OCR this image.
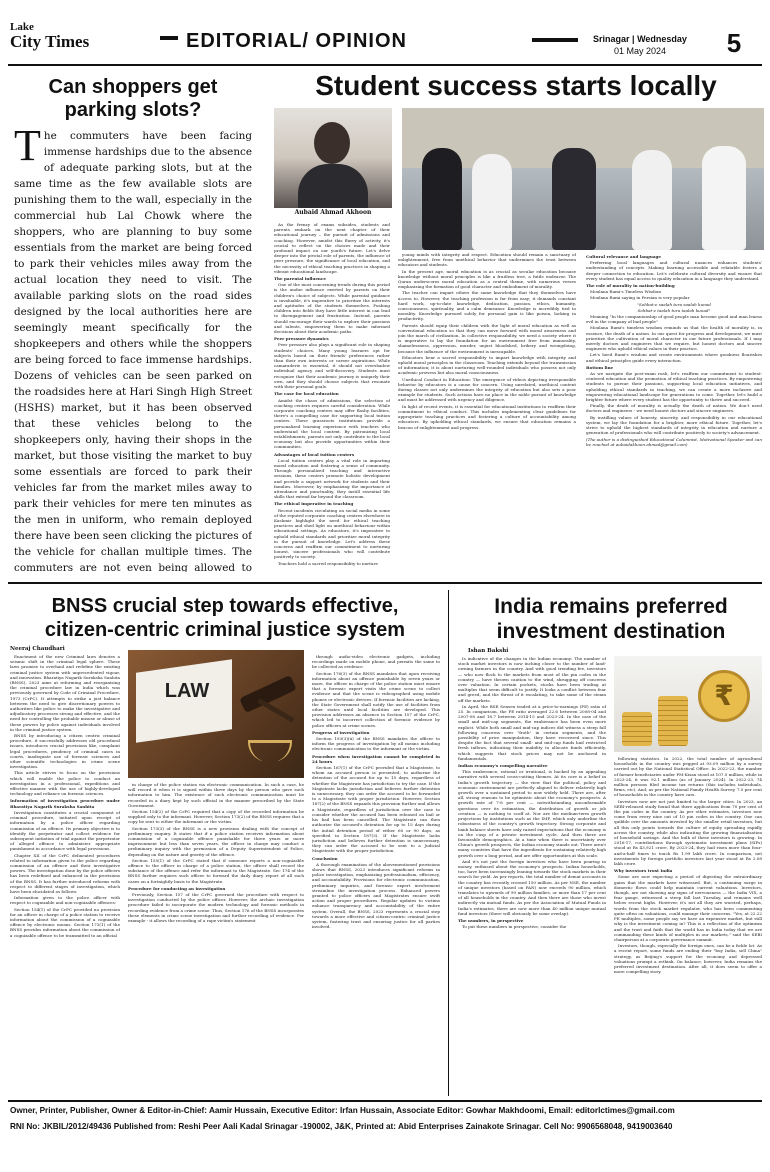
Lake
City Times	EDITORIAL/ OPINION	Srinagar | Wednesday
01 May 2024	5
Can shoppers get parking slots?
The commuters have been facing immense hardships due to the absence of adequate parking slots, but at the same time as the few available slots are punishing them to the wall, especially in the commercial hub Lal Chowk where the shoppers, who are planning to buy some essentials from the market are being forced to park their vehicles miles away from the actual location they need to visit. The available parking slots on the road sides designed by the local authorities here are seemingly meant specifically for the shopkeepers and others while the shoppers are being forced to face immense hardships. Dozens of vehicles can be seen parked on the roadsides here at Hari Singh High Street (HSHS) market, but it has been observed that these vehicles belong to the shopkeepers only, having their shops in the market, but those visiting the market to buy some essentials are forced to park their vehicles far from the market miles away to park their vehicles for mere ten minutes as the men in uniform, who remain deployed there have been seen clicking the pictures of the vehicle for challan multiple times. The commuters are not even being allowed to
Student success starts locally
Aubaid Ahmad Akhoon

As the frenzy of exams subsides, students and parents embark on the next chapter of their educational journey – the pursuit of admissions and coaching. However, amidst this flurry of activity, it's crucial to reflect on the choices made and their profound impact on our youth's future. Let's delve deeper into the pivotal role of parents, the influence of peer pressure, the significance of local education, and the necessity of ethical teaching practices in shaping a vibrant educational landscape.

The parental influence

One of the most concerning trends during this period is the undue influence exerted by parents on their children's choice of subjects. While parental guidance is invaluable, it's imperative to prioritize the interests and aptitudes of the students themselves. Pushing children into fields they have little interest in can lead to disengagement and frustration. Instead, parents should encourage their wards to explore their passions and talents, empowering them to make informed decisions about their academic paths.

Peer pressure dynamics

Peer pressure also plays a significant role in shaping students' choices. Many young learners opt for subjects based on their friends' preferences rather than their own interests or career aspirations. While camaraderie is essential, it should not overshadow individual agency and self-discovery. Students must recognize that their academic journey is uniquely their own, and they should choose subjects that resonate with their personal goals.

The case for local education

Amidst the chaos of admissions, the selection of coaching centers requires careful consideration. While corporate coaching centers may offer flashy facilities, there's a compelling case for supporting local tuition centers. These grassroots institutions provide a personalized learning experience with teachers who understand the local context. By patronizing local establishments, parents not only contribute to the local economy but also provide opportunities within their communities.

Advantages of local tuition centers

Local tuition centers play a vital role in imparting moral education and fostering a sense of community. Through personalized teaching and interactive sessions, these centers promote holistic development and provide a support network for students and their families. Moreover, by emphasizing the importance of attendance and punctuality, they instill essential life skills that extend far beyond the classroom.

The ethical imperative in teaching

Recent incidents circulating on social media in some of the reputed corporate coaching centres elsewhere in Kashmir highlight the need for ethical teaching practices and shed light on unethical behaviour within educational settings. As educators, it's imperative to uphold ethical standards and prioritize moral integrity in the pursuit of knowledge. Let's address these concerns and reaffirm our commitment to nurturing honest, sincere professionals who will contribute positively to society.

Teachers hold a sacred responsibility to nurture

young minds with integrity and respect. Education should remain a sanctuary of enlightenment, free from unethical behavior that undermines the trust between educators and students.

In the present age, moral education is as crucial as secular education because knowledge without moral principles is like a fruitless tree, a futile endeavor. The Quran underscores moral education as a central theme, with numerous verses emphasizing the formation of good character and embodiment of morality.

The teacher can impart others the same knowledge that they themselves have access to. However, the teaching profession is far from easy; it demands constant hard work, up-to-date knowledge, dedication, passion, ethics, humanity, consciousness, spirituality, and a calm demeanor. Knowledge is incredibly tied to morality. Knowledge pursued solely for personal gain is like poison, lacking in productivity.

Parents should equip their children with the light of moral education as well as conventional education so that they can move forward with moral awareness and join the march of civilization. In collective responsibility, we need a society where it is imperative to lay the foundation for an environment free from immorality, shamelessness, oppression, murder, unjust bloodshed, bribery and wrongdoing, because the influence of the environment is inescapable.

Educators bear a sacred responsibility to impart knowledge with integrity and uphold moral principles in the classroom. Teaching extends beyond the transmission of information; it is about nurturing well-rounded individuals who possess not only academic prowess but also moral consciousness.

Unethical Conduct in Education: The emergence of videos depicting irresponsible behavior by educators is a cause for concern. Using unrelated, unethical content during classes not only undermines the integrity of education but also sets a poor example for students. Such actions have no place in the noble pursuit of knowledge and must be addressed with urgency and diligence.

In light of recent events, it is essential for educational institutions to reaffirm their commitment to ethical conduct. This includes implementing clear guidelines for appropriate teaching practices and fostering a culture of accountability among educators. By upholding ethical standards, we ensure that education remains a beacon of enlightenment and progress.

Cultural relevance and language

Preferring local languages and cultural nuances enhances students' understanding of concepts. Making learning accessible and relatable fosters a deeper connection to education. Let's celebrate cultural diversity and ensure that every student has equal access to quality education in a language they understand.

The role of morality in nation-building

Moulana Rumi's Timeless Wisdom

Moulana Rumi saying in Persian is very popular

"Sohbat-e saalah tura saalah kunad

Sohbat-e taalah tura taalah kunad"

Meaning "In the companionship of good people man become good and man learns evil in the company of bad people"

Moulana Rumi's timeless wisdom reminds us that the health of morality is, in essence, the death of a nation. In our quest for progress and development, we must prioritize the cultivation of moral character in our future professionals. If I may merely doctors and engineers that we require, but honest doctors and sincere engineers who uphold ethical values in their practice.

Let's heed Rumi's wisdom and create environments where goodness flourishes and ethical principles guide every interaction.

Bottom line

As we navigate the post-exam rush, let's reaffirm our commitment to student-centered education and the promotion of ethical teaching practices. By empowering students to pursue their passions, supporting local education initiatives, and upholding ethical standards in teaching, we can create a more inclusive and empowering educational landscape for generations to come. Together, let's build a brighter future where every student has the opportunity to thrive and succeed.

Finally, the death of morality is actually the death of nation. We don't need doctors and engineers - we need honest doctors and sincere engineers.

By instilling values of honesty, sincerity, and responsibility in our educational system, we lay the foundation for a brighter, more ethical future. Together, let's strive to uphold the highest standards of integrity in education and nurture a generation of professionals who will contribute positively to society's advancement.

(The author is a distinguished Educational Columnist, Motivational Speaker and can be reached at aubaidakhoon.ahmad@gmail.com)

BNSS crucial step towards effective,
citizen-centric criminal justice system
Neeraj Chaudhari

Enactment of the new Criminal laws denotes a seismic shift in the criminal legal sphere. These laws promise to overhaul and redefine the existing criminal justice system with unprecedented vigour, and innovation. Bharatiya Nagarik Suraksha Sanhita (BNSS), 2023 aims at reforming and reorganising the criminal procedure law in India which was previously governed by Code of Criminal Procedure, 1973 (CrPC). It attempts to strike a just balance between the need to give discretionary powers to authorities like police to make the investigative and adjudicatory processes strong and effective, and the need for controlling the probable misuse or abuse of these powers by police against individuals involved in the criminal justice system.

BNSS by introducing a citizen centric criminal procedure, it successfully addresses old procedural issues, introduces crucial provisions like, complaint legal procedures, pendency of criminal cases in courts, inadequate use of forensic sciences and other scientific technologies in crime scene investigation.

This article strives to focus on the provisions which will enable the police to conduct an investigation in a professional, expeditious and effective manner with the use of highly-developed technology and reliance on forensic sciences.

Information of investigation procedure under Bharatiya Nagarik Suraksha Sanhita

Investigation constitutes a crucial component of criminal procedure, initiated upon receipt of information by a police officer regarding commission of an offence. Its primary objective is to identify the perpetrator and collect evidence for subsequent initiation of trial against the perpetrator of alleged offence to administer appropriate punishment in accordance with legal provisions.

Chapter XII of the CrPC delineated procedures related to information given to the police regarding commission of an offence and their investigative powers. The investigation done by the police officers has been redefined and enhanced in the provisions of the BNSS. It has further introduced reforms with respect to different stages of investigation, which have been elucidated as follows:

Information given to the police officer with respect to cognizable and non-cognizable offences:

Section 154(1) of the CrPC provided no provision for an officer in charge of a police station to receive information about the commission of a cognizable offence by electronic means. Section 173(1) of the BNSS provides information about the commission of a cognizable offence to be transmitted to an official

LAW

in charge of the police station via electronic communication. In such a case, he will record it when it is signed within three days by the person who gave such information to him. The existence of such electronic communication must be recorded in a diary kept by such official in the manner prescribed by the State Government.

Section 154(2) of the CrPC required that a copy of the recorded information be supplied only to the informant. However, Section 173(2) of the BNSS requires that a copy be sent to either the informant or the victim.

Section 173(3) of the BNSS is a new provision dealing with the concept of preliminary enquiry. It states that if a police station receives information about commission of a cognizable offence punishable for three years or more imprisonment but less than seven years, the officer in charge may conduct a preliminary inquiry with the permission of a Deputy Superintendent of Police, depending on the nature and gravity of the offence.

Section 155(1) of the CrPC stated that if someone reports a non-cognizable offence to the officer in charge of a police station, the officer shall record the substance of the offence and refer the informant to the Magistrate. Sec 174 of the BNSS further requires such officer to forward the daily diary report of all such cases on a fortnightly basis to the Magistrate.

Procedure for conducting an investigation

Previously, Section 157 of the CrPC governed the procedure with respect to investigation conducted by the police officer. However, the archaic investigation procedure failed to incorporate the modern technology and forensic methods in recording evidence from a crime scene. Thus, Section 176 of the BNSS incorporates these elements in crime scene investigation and further recording of evidence. For example - it allows the recording of a rape victim's statement

through audio-video electronic gadgets, including recordings made on mobile phone, and permits the same to be collected as evidence.

Section 176(3) of the BNSS mandates that upon receiving information about an offence punishable by seven years or more, the officer in charge of the police station must ensure that a forensic expert visits the crime scene to collect evidence and that the scene is videographed using mobile phones or electronic devices. If forensic facilities are lacking, the State Government shall notify the use of facilities from other states until local facilities are developed. This provision addresses an absence in Section 157 of the CrPC, which led to incorrect collection of forensic evidence by police officers at crime scenes.

Progress of investigation

Section 193(3)(ii) of the BNSS mandates the officer to inform the progress of investigation by all means including electronic communication to the informant or the victim.

Procedure when investigation cannot be completed in 24 hours

Section 167(1) of the CrPC provided that a Magistrate, to whom an accused person is presented, to authorize the detention of the accused for up to 15 days, regardless of whether the Magistrate has jurisdiction to try the case. If the Magistrate lacks jurisdiction and believes further detention is unnecessary, they can order the accused to be forwarded to a Magistrate with proper jurisdiction. However, Section 187(2) of the BNSS expands this provision further and allows a Magistrate, regardless of jurisdiction over the case to consider whether the accused has been released on bail or his bail has been cancelled. The Magistrate can then authorize the accused's detention for up to 15 days during the initial detention period of either 60 or 90 days, as specified in Section 187(3). If the Magistrate lacks jurisdiction and believes further detention is unnecessary, they can order the accused to be sent to a Judicial Magistrate with the proper jurisdiction.

Conclusion

A thorough examination of the abovementioned provisions shows that BNSS, 2023 introduces significant reforms in police investigation, emphasizing professionalism, efficiency, and accountability. Provisions for electronic communication, preliminary inquiries, and forensic expert involvement streamline the investigation process. Enhanced powers granted to police officers and Magistrates ensure swift action and proper procedures. Regular updates to victims enhance transparency and accountability of the entire system. Overall, the BNSS, 2023 represents a crucial step towards a more effective and citizen-centric criminal justice system, fostering trust and ensuring justice for all parties involved.

India remains preferred
investment destination
Ishan Bakshi

Is indicative of the changes in the Indian economy: The number of stock market investors is now inching closer to the number of land-owning farmers in the country. And with good trending fee, investors — who now flock to the markets from most of the pin codes in the country — have thrown caution to the wind, shrugging off concerns over valuation. In certain pockets, stocks have been trading at multiples that seem difficult to justify. It looks a conflict between fear and greed, and the threat of it escalating, to take some of the steam off the markets.

In April, the BSE Sensex traded at a price-to-earnings (PE) ratio of 25. In comparison, the PE ratio averaged 22.6 between 2008-04 and 2007-08 and 18.7 between 2014-15 and 2023-24. In the case of the small and mid-cap segments, the exuberance has been even more explicit. While both small and mid-cap indices did witness a steep fall following concerns over "froth" in certain segments, and the possibility of price manipulation, they have recovered since. This despite the fact that several small- and mid-cap funds had restricted fresh inflows, indicating their inability to allocate funds efficiently, which suggests that stock prices may not be anchored in fundamentals.

Indian economy's compelling narrative

This exuberance, rational or irrational, is backed by an appealing narrative with several cross-cutting themes. At its core is a belief in India's growth trajectory — the view that the political, policy and economic environment are perfectly aligned to deliver relatively high growth over a sustained period to now widely held. There are, after all, strong reasons to be optimistic about the economy's prospects. A growth rate of 7-8 per cent — notwithstanding unconformable questions over its estimation, the distribution of growth or job creation — is nothing to scoff at. Nor are the medium-term growth projections by institutions such as the IMF, which only underline the robustness of the country's growth trajectory. Strong corporate and bank balance sheets have only raised expectations that the economy is on the cusp of a private investment cycle. And then there are favourable demographics. At a time when there is uncertainty over China's growth prospects, the Indian economy stands out. There aren't many countries that have the ingredients for sustaining relatively high growth over a long period, and are offer opportunities at this scale.

And it's not just the foreign investors who have been pouring in money, enthused about the economy's prospects. Indian households, too, have been increasingly leaning towards the stock markets in their search for yield. As per reports, the total number of demat accounts in the country has recently crossed 150 million. As per NSE, the number of unique investors (based on PAN) now exceeds 90 million, which translates to upwards of 90 million families, or more than 17 per cent of all households in the country. And then there are those who invest indirectly via mutual funds. As per the Association of Mutual Funds in India's estimates, there are now more than 40 million unique mutual fund investors (there will obviously be some overlap).

The numbers, in perspective

To put these numbers in perspective, consider the

₹

following statistics. In 2022, the total number of agricultural households in the country was pegged at 93.09 million by a survey carried out by the National Statistical Office. In 2022-23, the number of farmer beneficiaries under PM-Kisan stood at 107.5 million, while in 2023-24, it was 92.1 million (as of January 2024). In 2022-23, 74 million persons filed income tax returns (this includes individuals, firms, etc). And, as per the National Family Health Survey, 7.5 per cent of households in the country have cars.

Investors now are not just limited to the larger cities. In 2023, an SEBI-released study found that there applications from 70 per cent of the pin codes in the country. As per other estimates, investors now come from every nine out of 10 pin codes in the country. One can quibble over the amounts invested by the smaller retail investors, but all this only points towards the culture of equity spreading rapidly across the country, while also indicating the growing financialisation of household savings. And the bulk of these investors is growing. In 2016-17, contributions through systematic investment plans (SIPs) stood at Rs 43,921 crore. By 2023-24, they had risen more than four-and-a-half times to touch Rs 1.99 lakh crore. In comparison, net investments by foreign portfolio investors last year stood at Rs 2.08 lakh crore.

Why investors trust India

Some are now expecting a period of digesting the extraordinary gains that the markets have witnessed. But, a continuing surge in domestic flows could help maintain current valuations. Investors, though, are not showing any signs of nervousness — the India VIX, a fear gauge, witnessed a steep fall last Tuesday, and remains well below recent highs. However, it's not all they are worried, perhaps, words from the stock market regulator, who has been commenting quite often on valuations, could manage their concerns. "Yes, at 22.22 PE multiples, some people say we have an expensive market, but still why is the investment coming in? This is a reflection of the optimism and the trust and faith that the world has in India today that we are commanding these kinds of multiples in our markets," said the SEBI chairperson at a corporate governance summit.

Investors, though, especially the foreign ones, can be a fickle lot. As a recent report, some funds are ending their "buy India, sell China" strategy, as Beijing's support for the economy and depressed valuations prompt a rethink. On balance, however, India remains the preferred investment destination. After all, it does seem to offer a more compelling story.

Owner, Printer, Publisher, Owner & Editor-in-Chief: Aamir Hussain, Executive Editor: Irfan Hussain, Associate Editor: Gowhar Makhdoomi, Email: editorlctimes@gmail.com
RNI No: JKBIL/2012/49436 Published from: Reshi Peer Aali Kadal Srinagar -190002, J&K, Printed at: Abid Enterprises Zainakote Srinagar. Cell No: 9906568048, 9419003640
